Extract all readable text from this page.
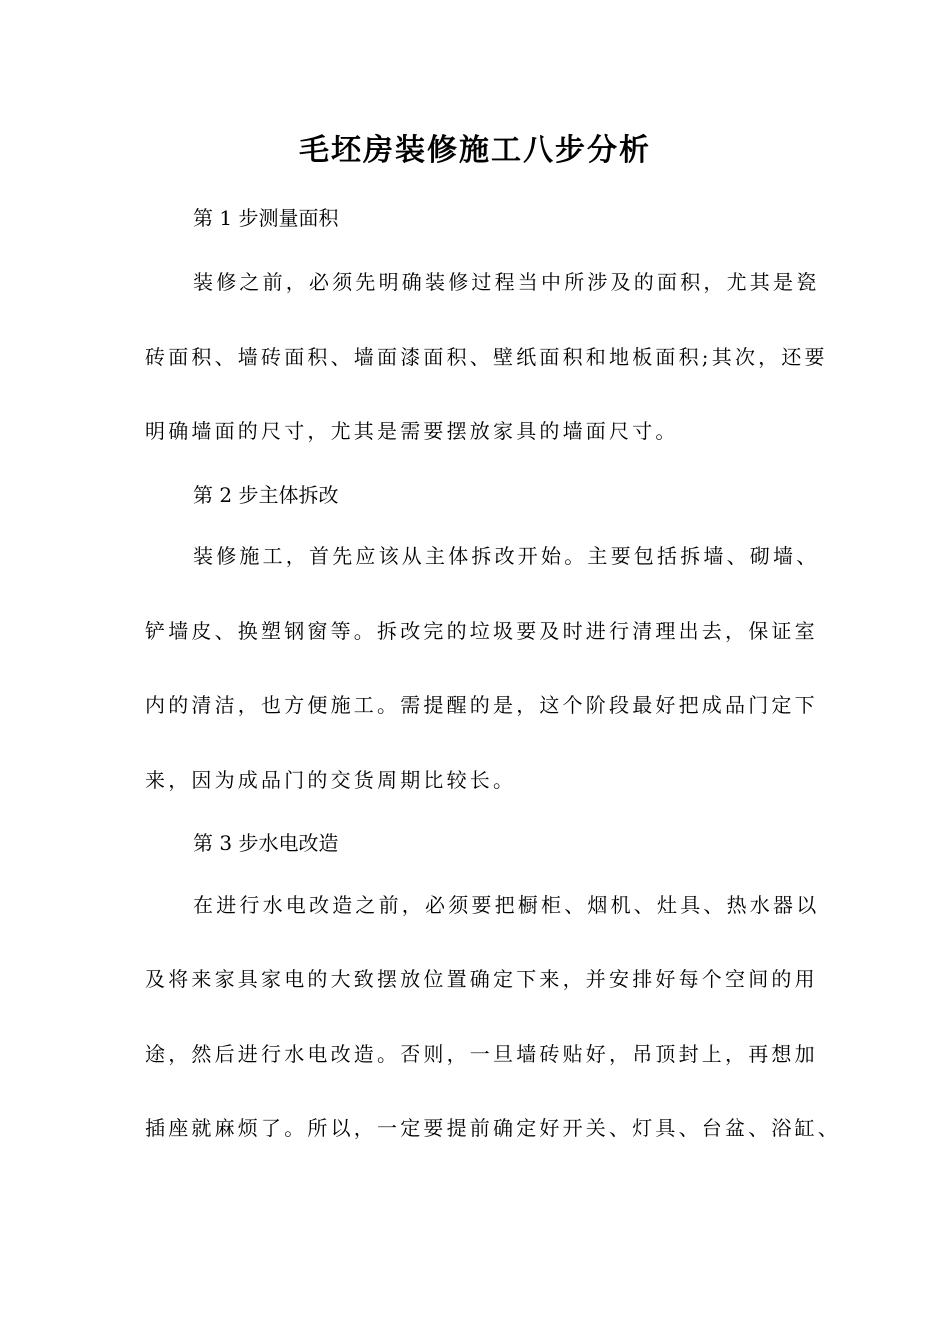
毛坯房装修施工八步分析
第 1 步测量面积
装修之前，必须先明确装修过程当中所涉及的面积，尤其是瓷
砖面积、墙砖面积、墙面漆面积、壁纸面积和地板面积;其次，还要
明确墙面的尺寸，尤其是需要摆放家具的墙面尺寸。
第 2 步主体拆改
装修施工，首先应该从主体拆改开始。主要包括拆墙、砌墙、
铲墙皮、换塑钢窗等。拆改完的垃圾要及时进行清理出去，保证室
内的清洁，也方便施工。需提醒的是，这个阶段最好把成品门定下
来，因为成品门的交货周期比较长。
第 3 步水电改造
在进行水电改造之前，必须要把橱柜、烟机、灶具、热水器以
及将来家具家电的大致摆放位置确定下来，并安排好每个空间的用
途，然后进行水电改造。否则，一旦墙砖贴好，吊顶封上，再想加
插座就麻烦了。所以，一定要提前确定好开关、灯具、台盆、浴缸、
